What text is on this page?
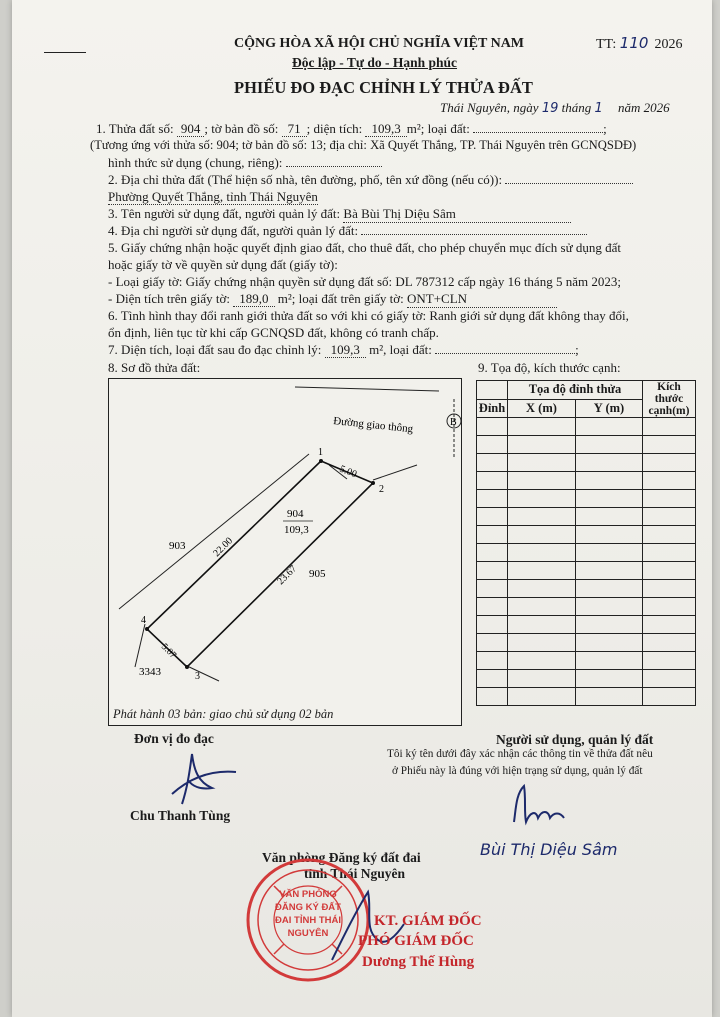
CỘNG HÒA XÃ HỘI CHỦ NGHĨA VIỆT NAM	TT: 110 2026
Độc lập - Tự do - Hạnh phúc
PHIẾU ĐO ĐẠC CHỈNH LÝ THỬA ĐẤT
Thái Nguyên, ngày 19 tháng 1 năm 2026
1. Thửa đất số: 904 ; tờ bản đồ số: 71 ; diện tích: 109,3 m²; loại đất:	;
(Tương ứng với thửa số: 904; tờ bản đồ số: 13; địa chỉ: Xã Quyết Thắng, TP. Thái Nguyên trên GCNQSDĐ)
hình thức sử dụng (chung, riêng):
2. Địa chỉ thửa đất (Thể hiện số nhà, tên đường, phố, tên xứ đồng (nếu có)):
Phường Quyết Thắng, tỉnh Thái Nguyên
3. Tên người sử dụng đất, người quản lý đất: Bà Bùi Thị Diệu Sâm
4. Địa chỉ người sử dụng đất, người quản lý đất:
5. Giấy chứng nhận hoặc quyết định giao đất, cho thuê đất, cho phép chuyển mục đích sử dụng đất
hoặc giấy tờ về quyền sử dụng đất (giấy tờ):
- Loại giấy tờ: Giấy chứng nhận quyền sử dụng đất số: DL 787312 cấp ngày 16 tháng 5 năm 2023;
- Diện tích trên giấy tờ: 189,0 m²; loại đất trên giấy tờ: ONT+CLN
6. Tình hình thay đổi ranh giới thửa đất so với khi có giấy tờ: Ranh giới sử dụng đất không thay đổi,
ổn định, liên tục từ khi cấp GCNQSD đất, không có tranh chấp.
7. Diện tích, loại đất sau đo đạc chỉnh lý: 109,3 m², loại đất:	;
8. Sơ đồ thửa đất:	9. Tọa độ, kích thước cạnh:
B
Đường giao thông
1
2
3
4
5.00
22.00
23.67
5.07
904
109,3
903
905
3343
Phát hành 03 bản: giao chủ sử dụng 02 bản
	Tọa độ đỉnh thửa		Kích thước cạnh(m)
Đỉnh	X (m)	Y (m)	

Đơn vị đo đạc
Chu Thanh Tùng
Người sử dụng, quản lý đất
Tôi ký tên dưới đây xác nhận các thông tin về thửa đất nêu
ở Phiếu này là đúng với hiện trạng sử dụng, quản lý đất
Bùi Thị Diệu Sâm
Văn phòng Đăng ký đất đai
tỉnh Thái Nguyên
VĂN PHÒNG ĐĂNG KÝ ĐẤT ĐAI TỈNH THÁI NGUYÊN
KT. GIÁM ĐỐC
PHÓ GIÁM ĐỐC
Dương Thế Hùng
